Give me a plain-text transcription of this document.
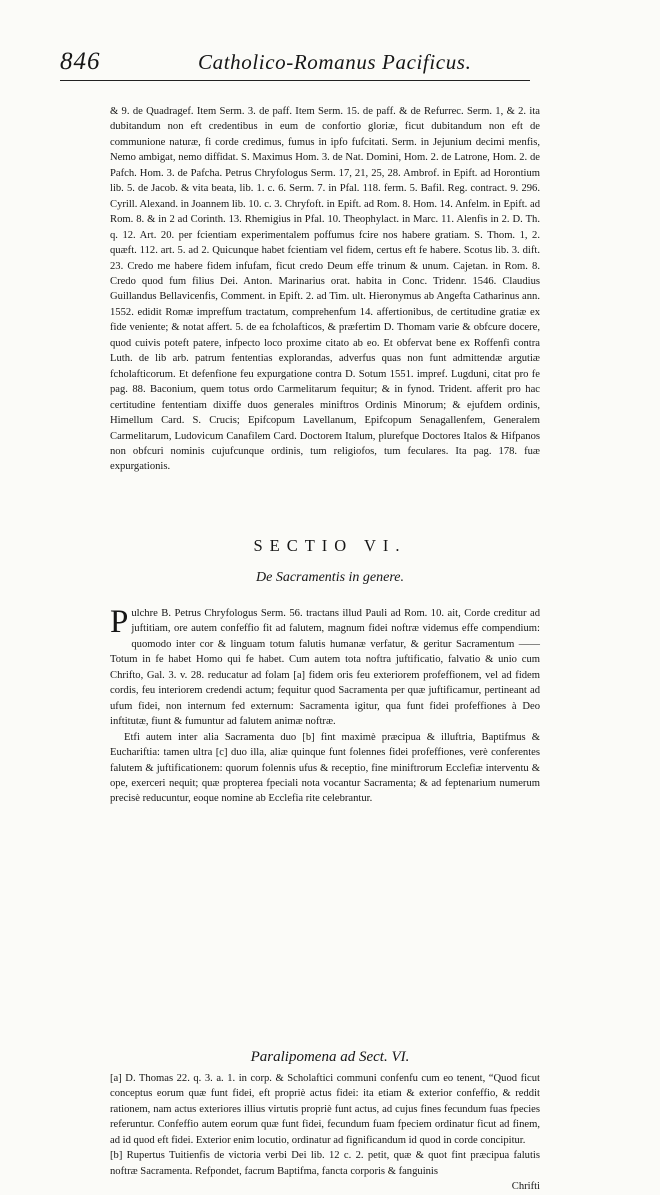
846	Catholico-Romanus Pacificus.

& 9. de Quadragef. Item Serm. 3. de paff. Item Serm. 15. de paff. & de Refurrec. Serm. 1, & 2. ita dubitandum non eft credentibus in eum de confortio gloriæ, ficut dubitandum non eft de communione naturæ, fi corde credimus, fumus in ipfo fufcitati. Serm. in Jejunium decimi menfis, Nemo ambigat, nemo diffidat. S. Maximus Hom. 3. de Nat. Domini, Hom. 2. de Latrone, Hom. 2. de Pafch. Hom. 3. de Pafcha. Petrus Chryfologus Serm. 17, 21, 25, 28. Ambrof. in Epift. ad Horontium lib. 5. de Jacob. & vita beata, lib. 1. c. 6. Serm. 7. in Pfal. 118. ferm. 5. Bafil. Reg. contract. 9. 296. Cyrill. Alexand. in Joannem lib. 10. c. 3. Chryfoft. in Epift. ad Rom. 8. Hom. 14. Anfelm. in Epift. ad Rom. 8. & in 2 ad Corinth. 13. Rhemigius in Pfal. 10. Theophylact. in Marc. 11. Alenfis in 2. D. Th. q. 12. Art. 20. per fcientiam experimentalem poffumus fcire nos habere gratiam. S. Thom. 1, 2. quæft. 112. art. 5. ad 2. Quicunque habet fcientiam vel fidem, certus eft fe habere. Scotus lib. 3. dift. 23. Credo me habere fidem infufam, ficut credo Deum effe trinum & unum. Cajetan. in Rom. 8. Credo quod fum filius Dei. Anton. Marinarius orat. habita in Conc. Tridenr. 1546. Claudius Guillandus Bellavicenfis, Comment. in Epift. 2. ad Tim. ult. Hieronymus ab Angefta Catharinus ann. 1552. edidit Romæ impreffum tractatum, comprehenfum 14. affertionibus, de certitudine gratiæ ex fide veniente; & notat affert. 5. de ea fcholafticos, & præfertim D. Thomam varie & obfcure docere, quod cuivis poteft patere, infpecto loco proxime citato ab eo. Et obfervat bene ex Roffenfi contra Luth. de lib arb. patrum fententias explorandas, adverfus quas non funt admittendæ argutiæ fcholafticorum. Et defenfione feu expurgatione contra D. Sotum 1551. impref. Lugduni, citat pro fe pag. 88. Baconium, quem totus ordo Carmelitarum fequitur; & in fynod. Trident. afferit pro hac certitudine fententiam dixiffe duos generales miniftros Ordinis Minorum; & ejufdem ordinis, Himellum Card. S. Crucis; Epifcopum Lavellanum, Epifcopum Senagallenfem, Generalem Carmelitarum, Ludovicum Canafilem Card. Doctorem Italum, plurefque Doctores Italos & Hifpanos non obfcuri nominis cujufcunque ordinis, tum religiofos, tum feculares. Ita pag. 178. fuæ expurgationis.

SECTIO VI.
De Sacramentis in genere.

Pulchre B. Petrus Chryfologus Serm. 56. tractans illud Pauli ad Rom. 10. ait, Corde creditur ad juftitiam, ore autem confeffio fit ad falutem, magnum fidei noftræ videmus effe compendium: quomodo inter cor & linguam totum falutis humanæ verfatur, & geritur Sacramentum —— Totum in fe habet Homo qui fe habet. Cum autem tota noftra juftificatio, falvatio & unio cum Chrifto, Gal. 3. v. 28. reducatur ad folam [a] fidem oris feu exteriorem profeffionem, vel ad fidem cordis, feu interiorem credendi actum; fequitur quod Sacramenta per quæ juftificamur, pertineant ad ufum fidei, non internum fed externum: Sacramenta igitur, qua funt fidei profeffiones à Deo inftitutæ, fiunt & fumuntur ad falutem animæ noftræ.

Etfi autem inter alia Sacramenta duo [b] fint maximè præcipua & illuftria, Baptifmus & Euchariftia: tamen ultra [c] duo illa, aliæ quinque funt folennes fidei profeffiones, verè conferentes falutem & juftificationem: quorum folennis ufus & receptio, fine miniftrorum Ecclefiæ interventu & ope, exerceri nequit; quæ propterea fpeciali nota vocantur Sacramenta; & ad feptenarium numerum precisè reducuntur, eoque nomine ab Ecclefia rite celebrantur.

Paralipomena ad Sect. VI.

[a] D. Thomas 22. q. 3. a. 1. in corp. & Scholaftici communi confenfu cum eo tenent, “Quod ficut conceptus eorum quæ funt fidei, eft propriè actus fidei: ita etiam & exterior confeffio, & reddit rationem, nam actus exteriores illius virtutis propriè funt actus, ad cujus fines fecundum fuas fpecies referuntur. Confeffio autem eorum quæ funt fidei, fecundum fuam fpeciem ordinatur ficut ad finem, ad id quod eft fidei. Exterior enim locutio, ordinatur ad fignificandum id quod in corde concipitur.

[b] Rupertus Tuitienfis de victoria verbi Dei lib. 12 c. 2. petit, quæ & quot fint præcipua falutis noftræ Sacramenta. Refpondet, facrum Baptifma, fancta corporis & fanguinis

Chrifti
